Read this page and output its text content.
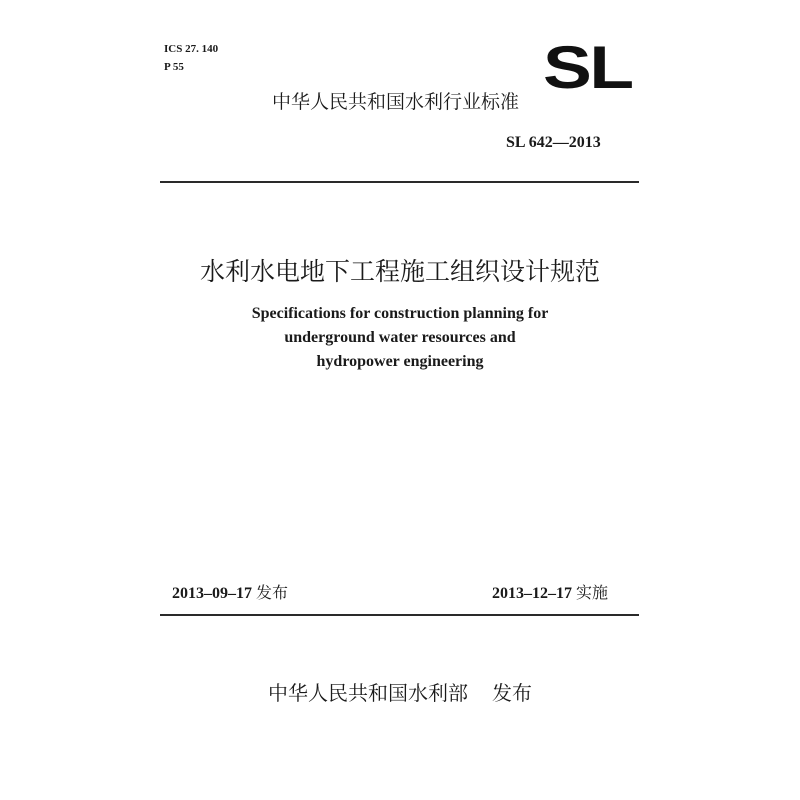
ICS 27. 140
P 55	SL
中华人民共和国水利行业标准
SL 642—2013
水利水电地下工程施工组织设计规范
Specifications for construction planning for
underground water resources and
hydropower engineering
2013–09–17 发布	2013–12–17 实施
中华人民共和国水利部 发布
